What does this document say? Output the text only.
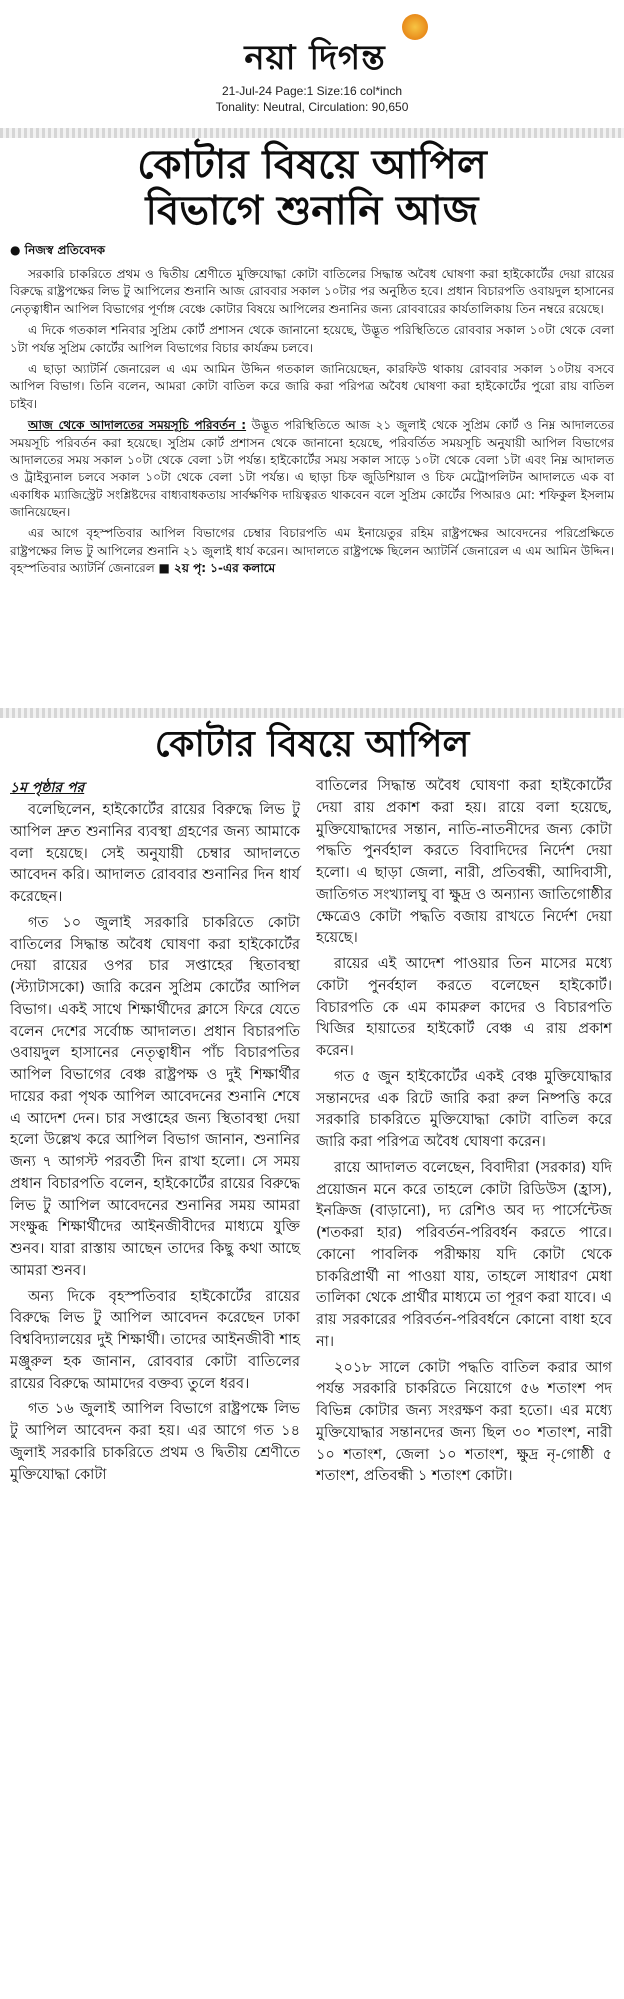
নয়া দিগন্ত
21-Jul-24 Page:1 Size:16 col*inch
Tonality: Neutral, Circulation: 90,650
কোটার বিষয়ে আপিল
বিভাগে শুনানি আজ
● নিজস্ব প্রতিবেদক

সরকারি চাকরিতে প্রথম ও দ্বিতীয় শ্রেণীতে মুক্তিযোদ্ধা কোটা বাতিলের সিদ্ধান্ত অবৈধ ঘোষণা করা হাইকোর্টের দেয়া রায়ের বিরুদ্ধে রাষ্ট্রপক্ষের লিভ টু আপিলের শুনানি আজ রোববার সকাল ১০টার পর অনুষ্ঠিত হবে। প্রধান বিচারপতি ওবায়দুল হাসানের নেতৃত্বাধীন আপিল বিভাগের পূর্ণাঙ্গ বেঞ্চে কোটার বিষয়ে আপিলের শুনানির জন্য রোববারের কার্যতালিকায় তিন নম্বরে রয়েছে।

এ দিকে গতকাল শনিবার সুপ্রিম কোর্ট প্রশাসন থেকে জানানো হয়েছে, উদ্ভূত পরিস্থিতিতে রোববার সকাল ১০টা থেকে বেলা ১টা পর্যন্ত সুপ্রিম কোর্টের আপিল বিভাগের বিচার কার্যক্রম চলবে।

এ ছাড়া অ্যাটর্নি জেনারেল এ এম আমিন উদ্দিন গতকাল জানিয়েছেন, কারফিউ থাকায় রোববার সকাল ১০টায় বসবে আপিল বিভাগ। তিনি বলেন, আমরা কোটা বাতিল করে জারি করা পরিপত্র অবৈধ ঘোষণা করা হাইকোর্টের পুরো রায় বাতিল চাইব।

আজ থেকে আদালতের সময়সূচি পরিবর্তন : উদ্ভূত পরিস্থিতিতে আজ ২১ জুলাই থেকে সুপ্রিম কোর্ট ও নিম্ন আদালতের সময়সূচি পরিবর্তন করা হয়েছে। সুপ্রিম কোর্ট প্রশাসন থেকে জানানো হয়েছে, পরিবর্তিত সময়সূচি অনুযায়ী আপিল বিভাগের আদালতের সময় সকাল ১০টা থেকে বেলা ১টা পর্যন্ত। হাইকোর্টের সময় সকাল সাড়ে ১০টা থেকে বেলা ১টা এবং নিম্ন আদালত ও ট্রাইব্যুনাল চলবে সকাল ১০টা থেকে বেলা ১টা পর্যন্ত। এ ছাড়া চিফ জুডিশিয়াল ও চিফ মেট্রোপলিটন আদালতে এক বা একাধিক ম্যাজিস্ট্রেট সংশ্লিষ্টদের বাধ্যবাধকতায় সার্বক্ষণিক দায়িত্বরত থাকবেন বলে সুপ্রিম কোর্টের পিআরও মো: শফিকুল ইসলাম জানিয়েছেন।

এর আগে বৃহস্পতিবার আপিল বিভাগের চেম্বার বিচারপতি এম ইনায়েতুর রহিম রাষ্ট্রপক্ষের আবেদনের পরিপ্রেক্ষিতে রাষ্ট্রপক্ষের লিভ টু আপিলের শুনানি ২১ জুলাই ধার্য করেন। আদালতে রাষ্ট্রপক্ষে ছিলেন অ্যাটর্নি জেনারেল এ এম আমিন উদ্দিন। বৃহস্পতিবার অ্যাটর্নি জেনারেল ■ ২য় পৃ: ১-এর কলামে

কোটার বিষয়ে আপিল
১ম পৃষ্ঠার পর

বলেছিলেন, হাইকোর্টের রায়ের বিরুদ্ধে লিভ টু আপিল দ্রুত শুনানির ব্যবস্থা গ্রহণের জন্য আমাকে বলা হয়েছে। সেই অনুযায়ী চেম্বার আদালতে আবেদন করি। আদালত রোববার শুনানির দিন ধার্য করেছেন।

গত ১০ জুলাই সরকারি চাকরিতে কোটা বাতিলের সিদ্ধান্ত অবৈধ ঘোষণা করা হাইকোর্টের দেয়া রায়ের ওপর চার সপ্তাহের স্থিতাবস্থা (স্ট্যাটাসকো) জারি করেন সুপ্রিম কোর্টের আপিল বিভাগ। একই সাথে শিক্ষার্থীদের ক্লাসে ফিরে যেতে বলেন দেশের সর্বোচ্চ আদালত। প্রধান বিচারপতি ওবায়দুল হাসানের নেতৃত্বাধীন পাঁচ বিচারপতির আপিল বিভাগের বেঞ্চ রাষ্ট্রপক্ষ ও দুই শিক্ষার্থীর দায়ের করা পৃথক আপিল আবেদনের শুনানি শেষে এ আদেশ দেন। চার সপ্তাহের জন্য স্থিতাবস্থা দেয়া হলো উল্লেখ করে আপিল বিভাগ জানান, শুনানির জন্য ৭ আগস্ট পরবর্তী দিন রাখা হলো। সে সময় প্রধান বিচারপতি বলেন, হাইকোর্টের রায়ের বিরুদ্ধে লিভ টু আপিল আবেদনের শুনানির সময় আমরা সংক্ষুব্ধ শিক্ষার্থীদের আইনজীবীদের মাধ্যমে যুক্তি শুনব। যারা রাস্তায় আছেন তাদের কিছু কথা আছে আমরা শুনব।

অন্য দিকে বৃহস্পতিবার হাইকোর্টের রায়ের বিরুদ্ধে লিভ টু আপিল আবেদন করেছেন ঢাকা বিশ্ববিদ্যালয়ের দুই শিক্ষার্থী। তাদের আইনজীবী শাহ মঞ্জুরুল হক জানান, রোববার কোটা বাতিলের রায়ের বিরুদ্ধে আমাদের বক্তব্য তুলে ধরব।

গত ১৬ জুলাই আপিল বিভাগে রাষ্ট্রপক্ষে লিভ টু আপিল আবেদন করা হয়। এর আগে গত ১৪ জুলাই সরকারি চাকরিতে প্রথম ও দ্বিতীয় শ্রেণীতে মুক্তিযোদ্ধা কোটা

বাতিলের সিদ্ধান্ত অবৈধ ঘোষণা করা হাইকোর্টের দেয়া রায় প্রকাশ করা হয়। রায়ে বলা হয়েছে, মুক্তিযোদ্ধাদের সন্তান, নাতি-নাতনীদের জন্য কোটা পদ্ধতি পুনর্বহাল করতে বিবাদিদের নির্দেশ দেয়া হলো। এ ছাড়া জেলা, নারী, প্রতিবন্ধী, আদিবাসী, জাতিগত সংখ্যালঘু বা ক্ষুদ্র ও অন্যান্য জাতিগোষ্ঠীর ক্ষেত্রেও কোটা পদ্ধতি বজায় রাখতে নির্দেশ দেয়া হয়েছে।

রায়ের এই আদেশ পাওয়ার তিন মাসের মধ্যে কোটা পুনর্বহাল করতে বলেছেন হাইকোর্ট। বিচারপতি কে এম কামরুল কাদের ও বিচারপতি খিজির হায়াতের হাইকোর্ট বেঞ্চ এ রায় প্রকাশ করেন।

গত ৫ জুন হাইকোর্টের একই বেঞ্চ মুক্তিযোদ্ধার সন্তানদের এক রিটে জারি করা রুল নিষ্পত্তি করে সরকারি চাকরিতে মুক্তিযোদ্ধা কোটা বাতিল করে জারি করা পরিপত্র অবৈধ ঘোষণা করেন।

রায়ে আদালত বলেছেন, বিবাদীরা (সরকার) যদি প্রয়োজন মনে করে তাহলে কোটা রিডিউস (হ্রাস), ইনক্রিজ (বাড়ানো), দ্য রেশিও অব দ্য পার্সেন্টেজ (শতকরা হার) পরিবর্তন-পরিবর্ধন করতে পারে। কোনো পাবলিক পরীক্ষায় যদি কোটা থেকে চাকরিপ্রার্থী না পাওয়া যায়, তাহলে সাধারণ মেধা তালিকা থেকে প্রার্থীর মাধ্যমে তা পূরণ করা যাবে। এ রায় সরকারের পরিবর্তন-পরিবর্ধনে কোনো বাধা হবে না।

২০১৮ সালে কোটা পদ্ধতি বাতিল করার আগ পর্যন্ত সরকারি চাকরিতে নিয়োগে ৫৬ শতাংশ পদ বিভিন্ন কোটার জন্য সংরক্ষণ করা হতো। এর মধ্যে মুক্তিযোদ্ধার সন্তানদের জন্য ছিল ৩০ শতাংশ, নারী ১০ শতাংশ, জেলা ১০ শতাংশ, ক্ষুদ্র নৃ-গোষ্ঠী ৫ শতাংশ, প্রতিবন্ধী ১ শতাংশ কোটা।
